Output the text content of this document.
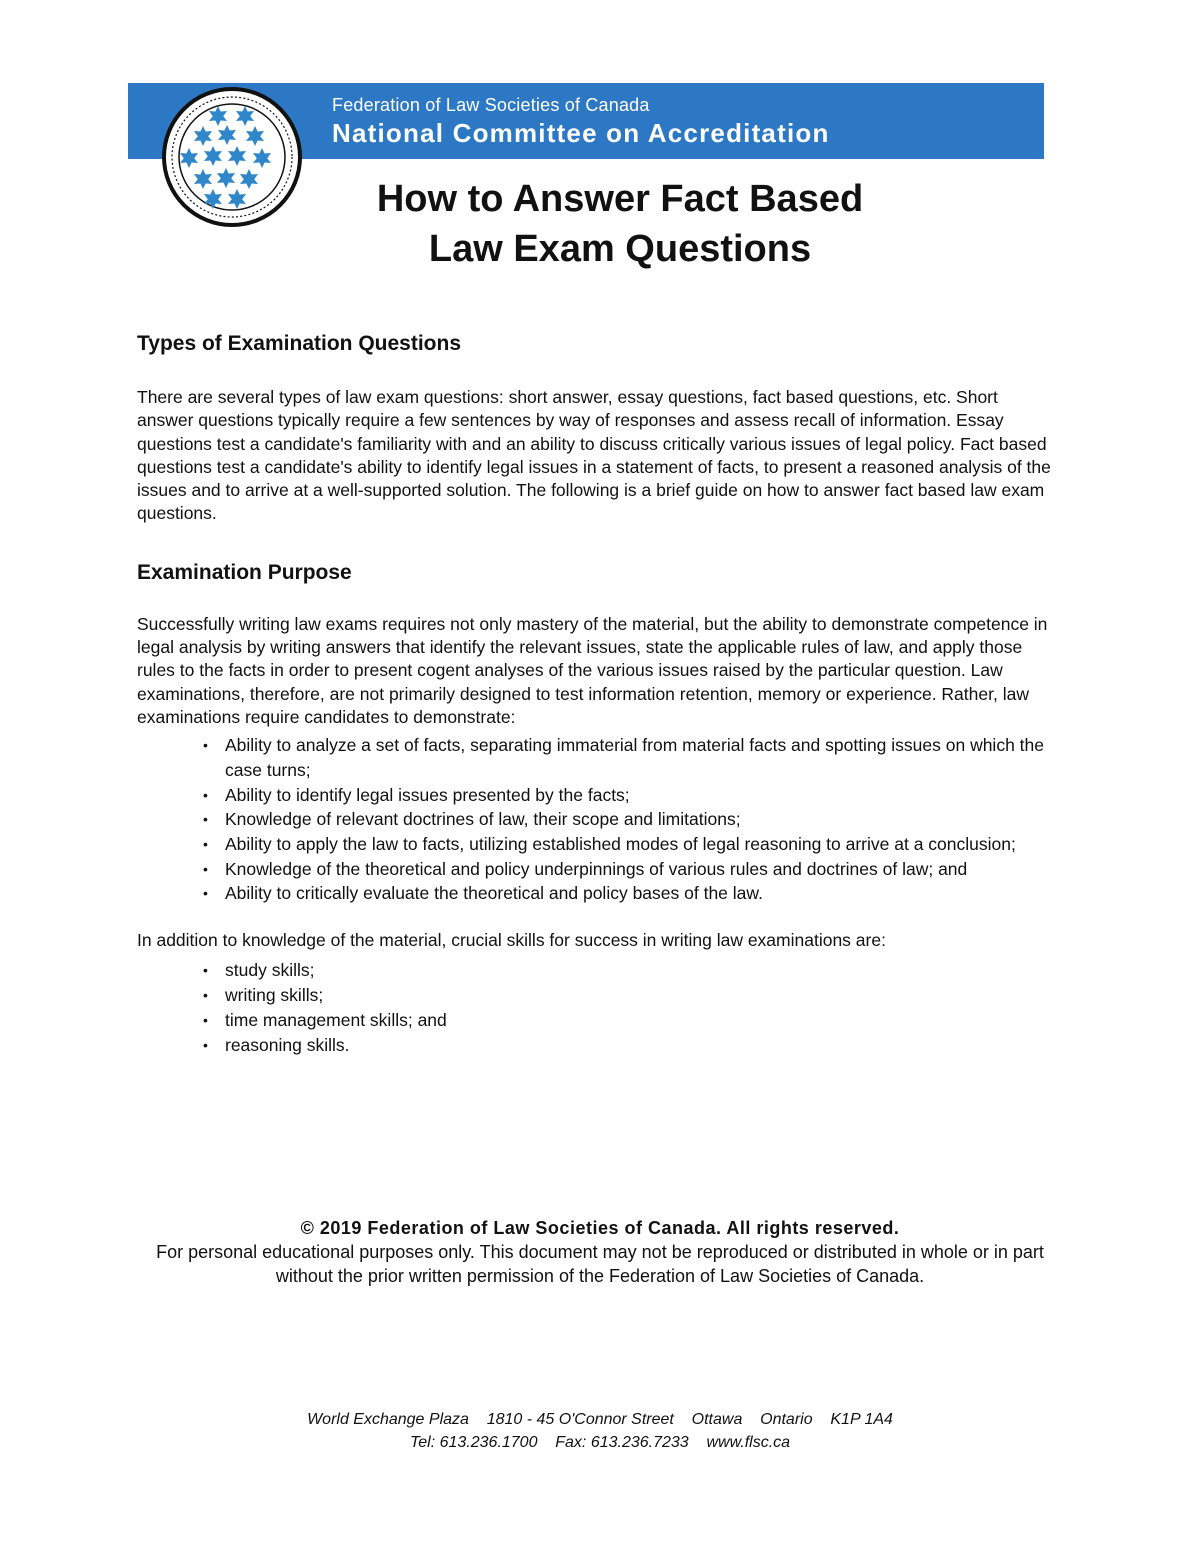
Federation of Law Societies of Canada
National Committee on Accreditation
How to Answer Fact Based
Law Exam Questions
Types of Examination Questions

There are several types of law exam questions: short answer, essay questions, fact based questions, etc. Short answer questions typically require a few sentences by way of responses and assess recall of information. Essay questions test a candidate's familiarity with and an ability to discuss critically various issues of legal policy. Fact based questions test a candidate's ability to identify legal issues in a statement of facts, to present a reasoned analysis of the issues and to arrive at a well-supported solution. The following is a brief guide on how to answer fact based law exam questions.

Examination Purpose

Successfully writing law exams requires not only mastery of the material, but the ability to demonstrate competence in legal analysis by writing answers that identify the relevant issues, state the applicable rules of law, and apply those rules to the facts in order to present cogent analyses of the various issues raised by the particular question. Law examinations, therefore, are not primarily designed to test information retention, memory or experience. Rather, law examinations require candidates to demonstrate:

• Ability to analyze a set of facts, separating immaterial from material facts and spotting issues on which the case turns;
• Ability to identify legal issues presented by the facts;
• Knowledge of relevant doctrines of law, their scope and limitations;
• Ability to apply the law to facts, utilizing established modes of legal reasoning to arrive at a conclusion;
• Knowledge of the theoretical and policy underpinnings of various rules and doctrines of law; and
• Ability to critically evaluate the theoretical and policy bases of the law.

In addition to knowledge of the material, crucial skills for success in writing law examinations are:

• study skills;
• writing skills;
• time management skills; and
• reasoning skills.
© 2019 Federation of Law Societies of Canada. All rights reserved.
For personal educational purposes only. This document may not be reproduced or distributed in whole or in part without the prior written permission of the Federation of Law Societies of Canada.
World Exchange Plaza 1810 - 45 O'Connor Street Ottawa Ontario K1P 1A4
Tel: 613.236.1700 Fax: 613.236.7233 www.flsc.ca
